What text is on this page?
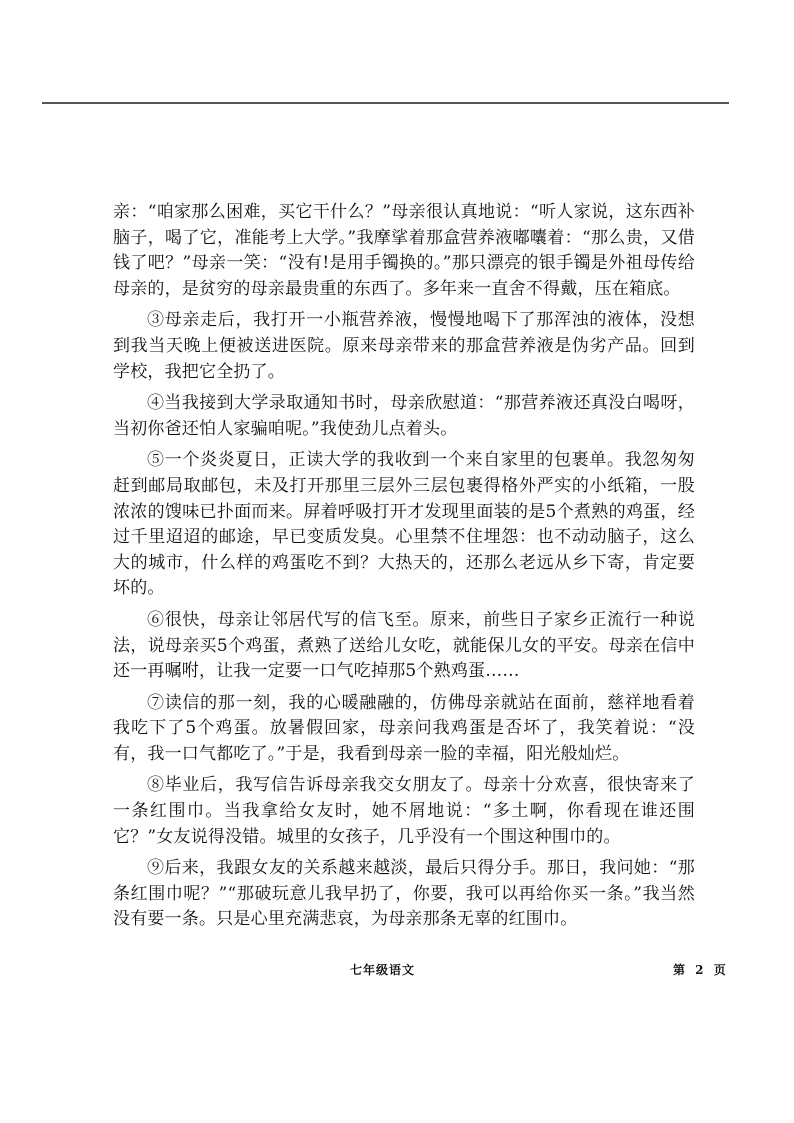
亲：“咱家那么困难，买它干什么？”母亲很认真地说：“听人家说，这东西补脑子，喝了它，准能考上大学。”我摩挲着那盒营养液嘟囔着：“那么贵，又借钱了吧？”母亲一笑：“没有!是用手镯换的。”那只漂亮的银手镯是外祖母传给母亲的，是贫穷的母亲最贵重的东西了。多年来一直舍不得戴，压在箱底。

③母亲走后，我打开一小瓶营养液，慢慢地喝下了那浑浊的液体，没想到我当天晚上便被送进医院。原来母亲带来的那盒营养液是伪劣产品。回到学校，我把它全扔了。

④当我接到大学录取通知书时，母亲欣慰道：“那营养液还真没白喝呀，当初你爸还怕人家骗咱呢。”我使劲儿点着头。

⑤一个炎炎夏日，正读大学的我收到一个来自家里的包裹单。我忽匆匆赶到邮局取邮包，未及打开那里三层外三层包裹得格外严实的小纸箱，一股浓浓的馊味已扑面而来。屏着呼吸打开才发现里面装的是5个煮熟的鸡蛋，经过千里迢迢的邮途，早已变质发臭。心里禁不住埋怨：也不动动脑子，这么大的城市，什么样的鸡蛋吃不到？大热天的，还那么老远从乡下寄，肯定要坏的。

⑥很快，母亲让邻居代写的信飞至。原来，前些日子家乡正流行一种说法，说母亲买5个鸡蛋，煮熟了送给儿女吃，就能保儿女的平安。母亲在信中还一再嘱咐，让我一定要一口气吃掉那5个熟鸡蛋……

⑦读信的那一刻，我的心暖融融的，仿佛母亲就站在面前，慈祥地看着我吃下了5个鸡蛋。放暑假回家，母亲问我鸡蛋是否坏了，我笑着说：“没有，我一口气都吃了。”于是，我看到母亲一脸的幸福，阳光般灿烂。

⑧毕业后，我写信告诉母亲我交女朋友了。母亲十分欢喜，很快寄来了一条红围巾。当我拿给女友时，她不屑地说：“多土啊，你看现在谁还围它？”女友说得没错。城里的女孩子，几乎没有一个围这种围巾的。

⑨后来，我跟女友的关系越来越淡，最后只得分手。那日，我问她：“那条红围巾呢？”“那破玩意儿我早扔了，你要，我可以再给你买一条。”我当然没有要一条。只是心里充满悲哀，为母亲那条无辜的红围巾。

七年级语文	第 2 页
